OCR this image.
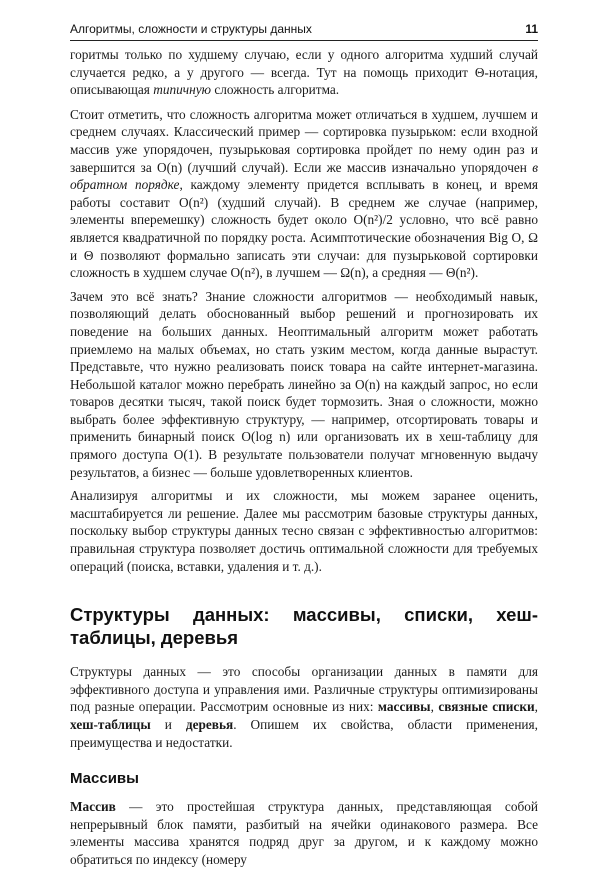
Алгоритмы, сложности и структуры данных	11

горитмы только по худшему случаю, если у одного алгоритма худший случай случается редко, а у другого — всегда. Тут на помощь приходит Θ-нотация, описывающая типичную сложность алгоритма.

Стоит отметить, что сложность алгоритма может отличаться в худшем, лучшем и среднем случаях. Классический пример — сортировка пузырьком: если входной массив уже упорядочен, пузырьковая сортировка пройдет по нему один раз и завершится за O(n) (лучший случай). Если же массив изначально упорядочен в обратном порядке, каждому элементу придется всплывать в конец, и время работы составит O(n²) (худший случай). В среднем же случае (например, элементы вперемешку) сложность будет около O(n²)/2 условно, что всё равно является квадратичной по порядку роста. Асимптотические обозначения Big O, Ω и Θ позволяют формально записать эти случаи: для пузырьковой сортировки сложность в худшем случае O(n²), в лучшем — Ω(n), а средняя — Θ(n²).

Зачем это всё знать? Знание сложности алгоритмов — необходимый навык, позволяющий делать обоснованный выбор решений и прогнозировать их поведение на больших данных. Неоптимальный алгоритм может работать приемлемо на малых объемах, но стать узким местом, когда данные вырастут. Представьте, что нужно реализовать поиск товара на сайте интернет-магазина. Небольшой каталог можно перебрать линейно за O(n) на каждый запрос, но если товаров десятки тысяч, такой поиск будет тормозить. Зная о сложности, можно выбрать более эффективную структуру, — например, отсортировать товары и применить бинарный поиск O(log n) или организовать их в хеш-таблицу для прямого доступа O(1). В результате пользователи получат мгновенную выдачу результатов, а бизнес — больше удовлетворенных клиентов.

Анализируя алгоритмы и их сложности, мы можем заранее оценить, масштабируется ли решение. Далее мы рассмотрим базовые структуры данных, поскольку выбор структуры данных тесно связан с эффективностью алгоритмов: правильная структура позволяет достичь оптимальной сложности для требуемых операций (поиска, вставки, удаления и т. д.).

Структуры данных: массивы, списки, хеш-таблицы, деревья

Структуры данных — это способы организации данных в памяти для эффективного доступа и управления ими. Различные структуры оптимизированы под разные операции. Рассмотрим основные из них: массивы, связные списки, хеш-таблицы и деревья. Опишем их свойства, области применения, преимущества и недостатки.

Массивы

Массив — это простейшая структура данных, представляющая собой непрерывный блок памяти, разбитый на ячейки одинакового размера. Все элементы массива хранятся подряд друг за другом, и к каждому можно обратиться по индексу (номеру
